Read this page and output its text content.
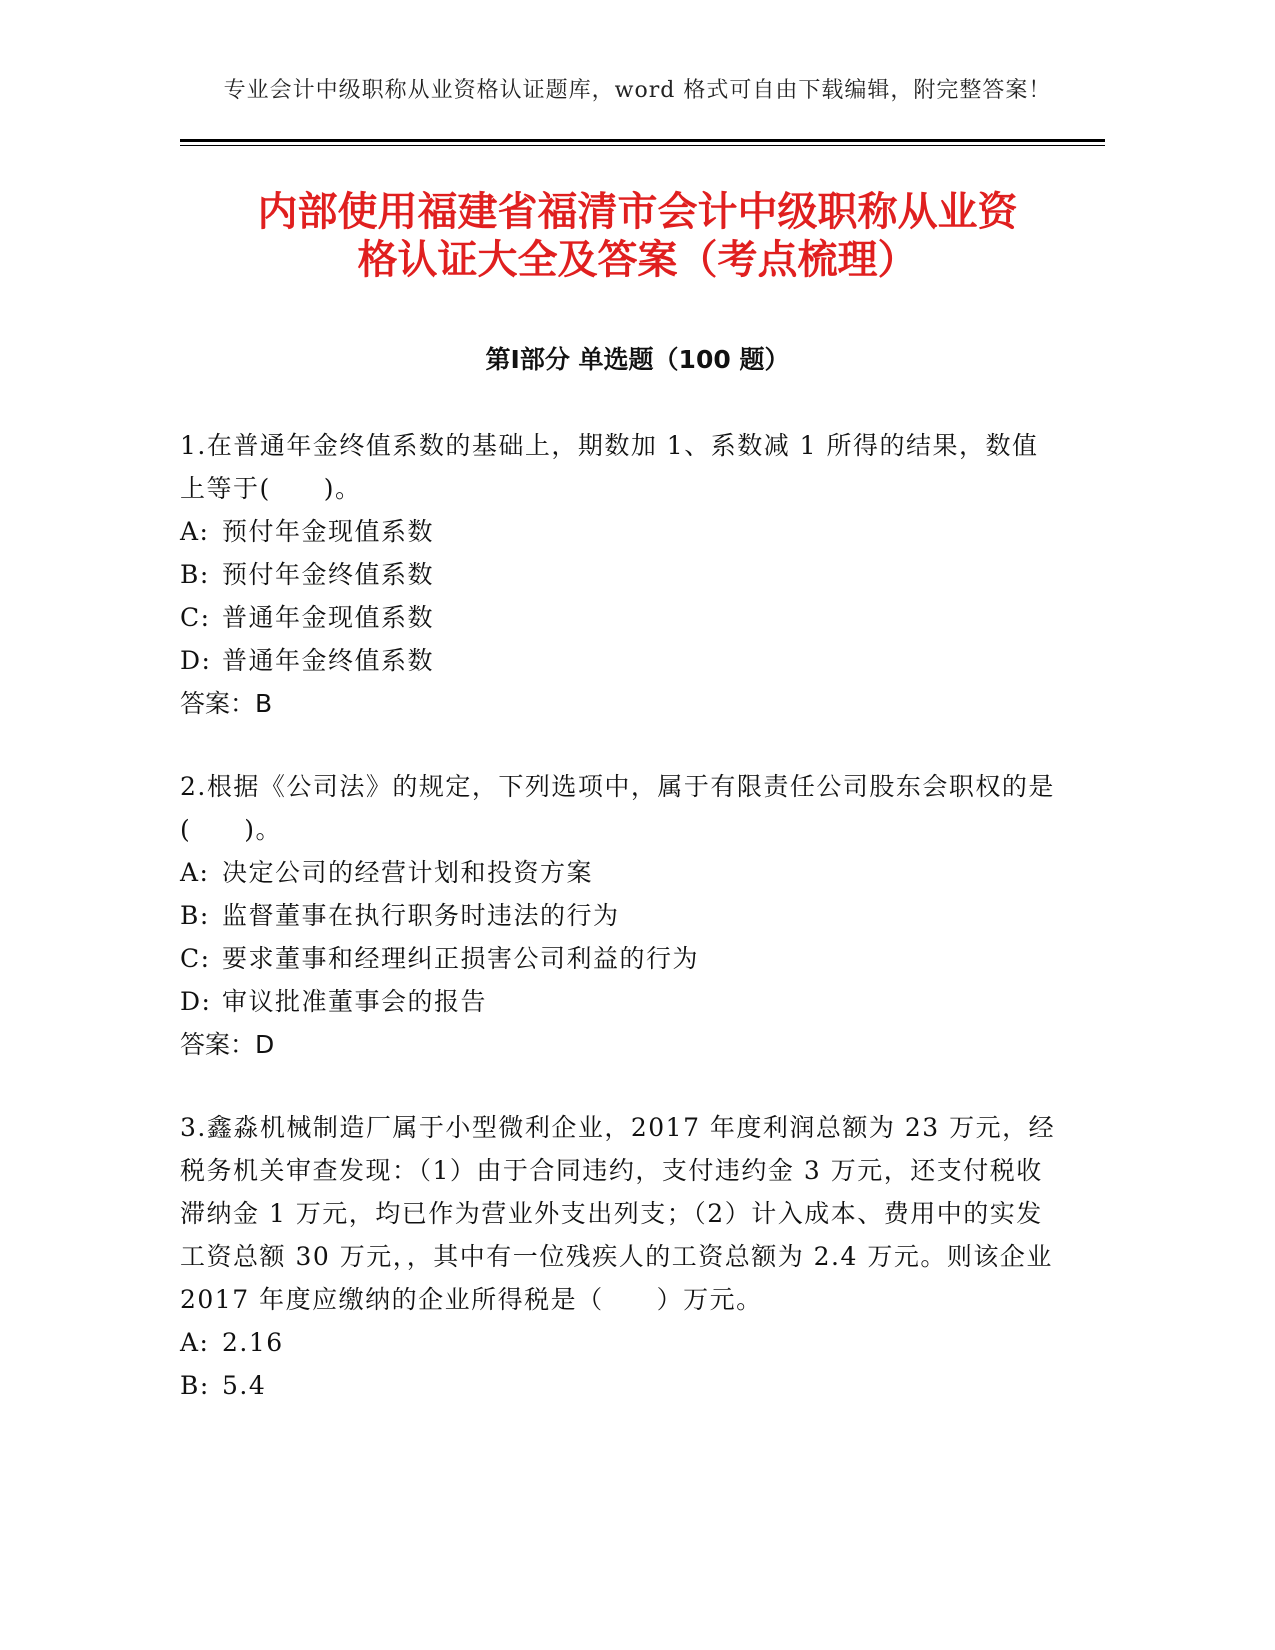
专业会计中级职称从业资格认证题库，word 格式可自由下载编辑，附完整答案！
内部使用福建省福清市会计中级职称从业资
格认证大全及答案（考点梳理）
第Ⅰ部分 单选题（100 题）

1.在普通年金终值系数的基础上，期数加 1、系数减 1 所得的结果，数值上等于(　　)。

A: 预付年金现值系数

B: 预付年金终值系数

C: 普通年金现值系数

D: 普通年金终值系数

答案：B

2.根据《公司法》的规定，下列选项中，属于有限责任公司股东会职权的是(　　)。

A: 决定公司的经营计划和投资方案

B: 监督董事在执行职务时违法的行为

C: 要求董事和经理纠正损害公司利益的行为

D: 审议批准董事会的报告

答案：D

3.鑫淼机械制造厂属于小型微利企业，2017 年度利润总额为 23 万元，经税务机关审查发现：（1）由于合同违约，支付违约金 3 万元，还支付税收滞纳金 1 万元，均已作为营业外支出列支；（2）计入成本、费用中的实发工资总额 30 万元，，其中有一位残疾人的工资总额为 2.4 万元。则该企业 2017 年度应缴纳的企业所得税是（　　）万元。

A: 2.16

B: 5.4
